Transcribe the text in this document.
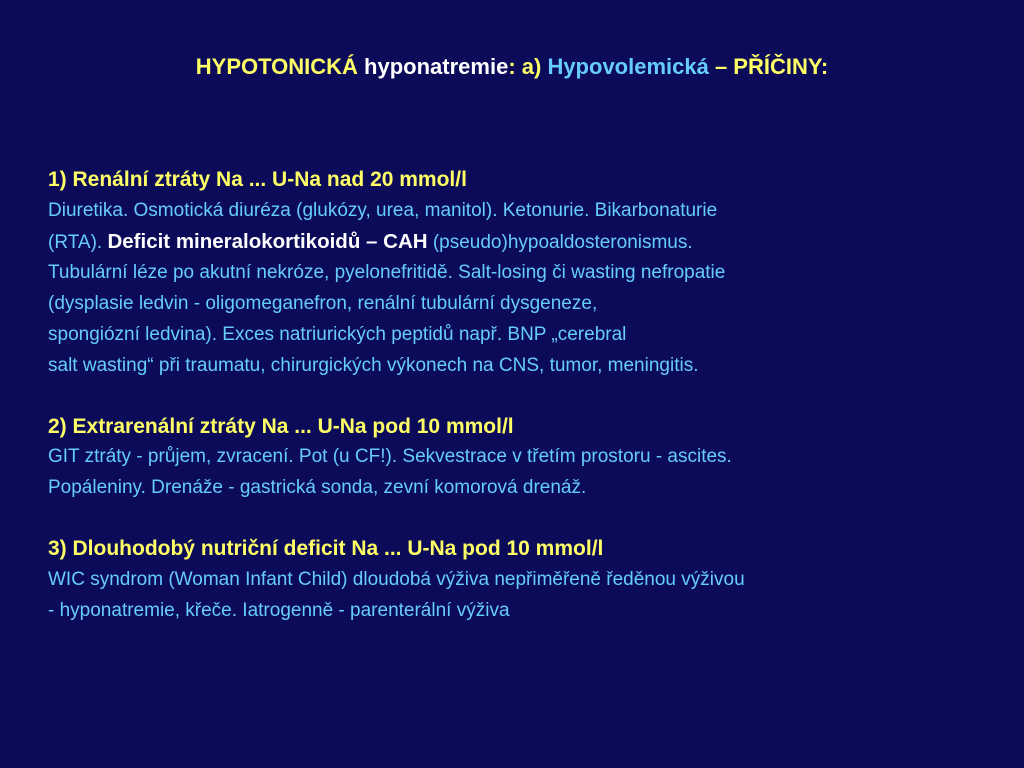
HYPOTONICKÁ hyponatremie: a) Hypovolemická – PŘÍČINY:
1) Renální ztráty Na ... U-Na nad 20 mmol/l
Diuretika. Osmotická diuréza (glukózy, urea, manitol). Ketonurie. Bikarbonaturie
(RTA). Deficit mineralokortikoidů – CAH (pseudo)hypoaldosteronismus.
Tubulární léze po akutní nekróze, pyelonefritidě. Salt-losing či wasting nefropatie
(dysplasie ledvin - oligomeganefron, renální tubulární dysgeneze,
spongiózní ledvina). Exces natriurických peptidů např. BNP „cerebral
salt wasting“ při traumatu, chirurgických výkonech na CNS, tumor, meningitis.
2) Extrarenální ztráty Na ... U-Na pod 10 mmol/l
GIT ztráty - průjem, zvracení. Pot (u CF!). Sekvestrace v třetím prostoru - ascites.
Popáleniny. Drenáže - gastrická sonda, zevní komorová drenáž.
3) Dlouhodobý nutriční deficit Na ... U-Na pod 10 mmol/l
WIC syndrom (Woman Infant Child) dloudobá výživa nepřiměřeně ředěnou výživou
- hyponatremie, křeče. Iatrogenně - parenterální výživa
